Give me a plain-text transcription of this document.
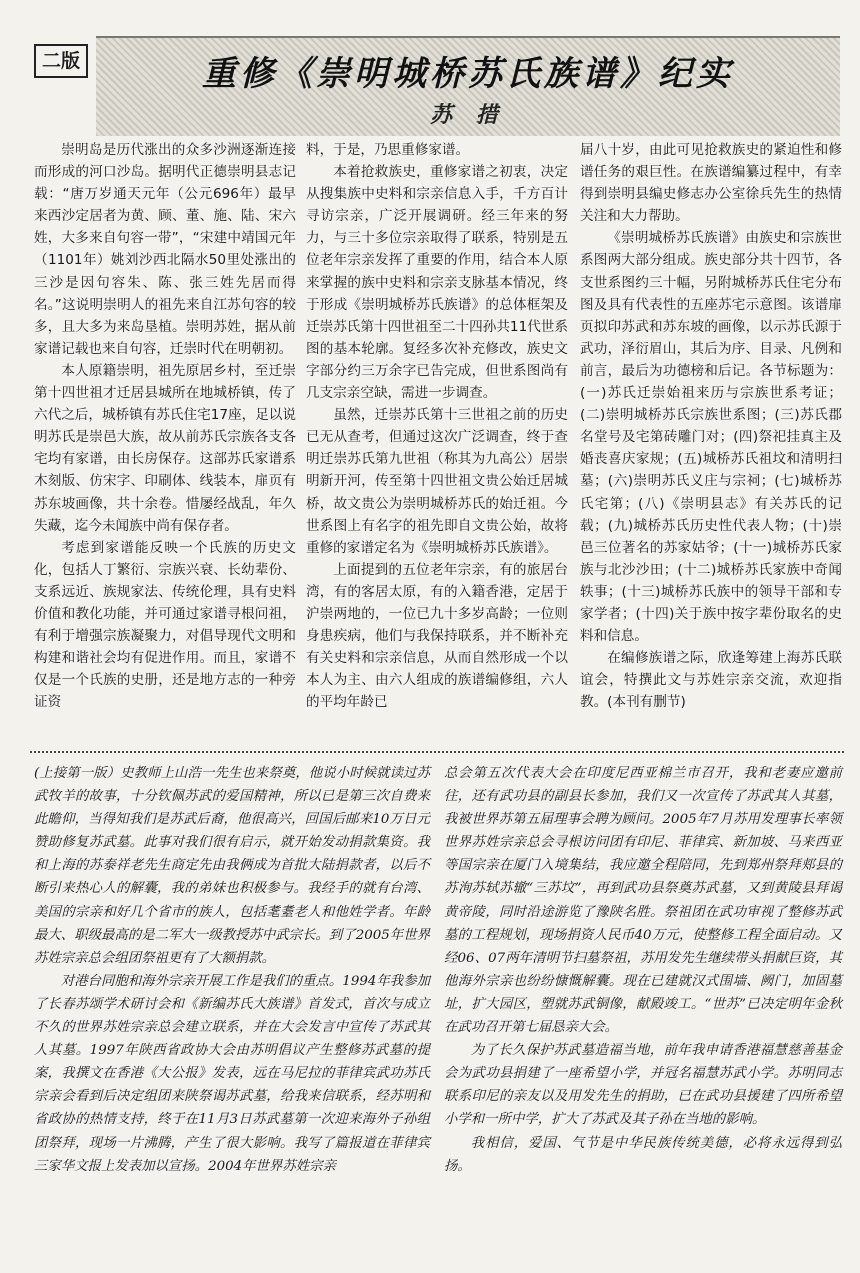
二版	重修《崇明城桥苏氏族谱》纪实
苏 措

崇明岛是历代涨出的众多沙洲逐渐连接而形成的河口沙岛。据明代正德崇明县志记载：“唐万岁通天元年（公元696年）最早来西沙定居者为黄、顾、董、施、陆、宋六姓，大多来自句容一带”，“宋建中靖国元年（1101年）姚刘沙西北隔水50里处涨出的三沙是因句容朱、陈、张三姓先居而得名。”这说明崇明人的祖先来自江苏句容的较多，且大多为来岛垦植。崇明苏姓，据从前家谱记载也来自句容，迁崇时代在明朝初。

本人原籍崇明，祖先原居乡村，至迁崇第十四世祖才迁居县城所在地城桥镇，传了六代之后，城桥镇有苏氏住宅17座，足以说明苏氏是崇邑大族，故从前苏氏宗族各支各宅均有家谱，由长房保存。这部苏氏家谱系木刻版、仿宋字、印刷体、线装本，扉页有苏东坡画像，共十余卷。惜屡经战乱，年久失藏，迄今未闻族中尚有保存者。

考虑到家谱能反映一个氏族的历史文化，包括人丁繁衍、宗族兴衰、长幼辈份、支系远近、族规家法、传统伦理，具有史料价值和教化功能，并可通过家谱寻根问祖，有利于增强宗族凝聚力，对倡导现代文明和构建和谐社会均有促进作用。而且，家谱不仅是一个氏族的史册，还是地方志的一种旁证资

料，于是，乃思重修家谱。

本着抢救族史，重修家谱之初衷，决定从搜集族中史料和宗亲信息入手，千方百计寻访宗亲，广泛开展调研。经三年来的努力，与三十多位宗亲取得了联系，特别是五位老年宗亲发挥了重要的作用，结合本人原来掌握的族中史料和宗亲支脉基本情况，终于形成《崇明城桥苏氏族谱》的总体框架及迁崇苏氏第十四世祖至二十四孙共11代世系图的基本轮廓。复经多次补充修改，族史文字部分约三万余字已告完成，但世系图尚有几支宗亲空缺，需进一步调查。

虽然，迁崇苏氏第十三世祖之前的历史已无从查考，但通过这次广泛调查，终于查明迁崇苏氏第九世祖（称其为九高公）居崇明新开河，传至第十四世祖文贵公始迁居城桥，故文贵公为崇明城桥苏氏的始迁祖。今世系图上有名字的祖先即自文贵公始，故将重修的家谱定名为《崇明城桥苏氏族谱》。

上面提到的五位老年宗亲，有的旅居台湾，有的客居太原，有的入籍香港，定居于沪崇两地的，一位已九十多岁高龄；一位则身患疾病，他们与我保持联系，并不断补充有关史料和宗亲信息，从而自然形成一个以本人为主、由六人组成的族谱编修组，六人的平均年龄已

届八十岁，由此可见抢救族史的紧迫性和修谱任务的艰巨性。在族谱编纂过程中，有幸得到崇明县编史修志办公室徐兵先生的热情关注和大力帮助。

《崇明城桥苏氏族谱》由族史和宗族世系图两大部分组成。族史部分共十四节，各支世系图约三十幅，另附城桥苏氏住宅分布图及具有代表性的五座苏宅示意图。该谱扉页拟印苏武和苏东坡的画像，以示苏氏源于武功，泽衍眉山，其后为序、目录、凡例和前言，最后为功德榜和后记。各节标题为：(一)苏氏迁崇始祖来历与宗族世系考证；(二)崇明城桥苏氏宗族世系图；(三)苏氏郡名堂号及宅第砖雕门对；(四)祭祀挂真主及婚丧喜庆家规；(五)城桥苏氏祖坟和清明扫墓；(六)崇明苏氏义庄与宗祠；(七)城桥苏氏宅第；(八)《崇明县志》有关苏氏的记载；(九)城桥苏氏历史性代表人物；(十)崇邑三位著名的苏家姑爷；(十一)城桥苏氏家族与北沙沙田；(十二)城桥苏氏家族中奇闻轶事；(十三)城桥苏氏族中的领导干部和专家学者；(十四)关于族中按字辈份取名的史料和信息。

在编修族谱之际，欣逢筹建上海苏氏联谊会，特撰此文与苏姓宗亲交流，欢迎指教。(本刊有删节)

(上接第一版）史教师上山浩一先生也来祭奠，他说小时候就读过苏武牧羊的故事，十分钦佩苏武的爱国精神，所以已是第三次自费来此瞻仰，当得知我们是苏武后裔，他很高兴，回国后邮来10万日元赞助修复苏武墓。此事对我们很有启示，就开始发动捐款集资。我和上海的苏泰祥老先生商定先由我俩成为首批大陆捐款者，以后不断引来热心人的解囊，我的弟妹也积极参与。我经手的就有台湾、美国的宗亲和好几个省市的族人，包括耄耋老人和他姓学者。年龄最大、职级最高的是二军大一级教授苏中武宗长。到了2005年世界苏姓宗亲总会组团祭祖更有了大额捐款。

对港台同胞和海外宗亲开展工作是我们的重点。1994年我参加了长春苏颂学术研讨会和《新编苏氏大族谱》首发式，首次与成立不久的世界苏姓宗亲总会建立联系，并在大会发言中宣传了苏武其人其墓。1997年陕西省政协大会由苏明倡议产生整修苏武墓的提案，我撰文在香港《大公报》发表，远在马尼拉的菲律宾武功苏氏宗亲会看到后决定组团来陕祭谒苏武墓，给我来信联系，经苏明和省政协的热情支持，终于在11月3日苏武墓第一次迎来海外子孙组团祭拜，现场一片沸腾，产生了很大影响。我写了篇报道在菲律宾三家华文报上发表加以宣扬。2004年世界苏姓宗亲

总会第五次代表大会在印度尼西亚棉兰市召开，我和老妻应邀前往，还有武功县的副县长参加，我们又一次宣传了苏武其人其墓，我被世界苏第五届理事会聘为顾问。2005年7月苏用发理事长率领世界苏姓宗亲总会寻根访问团有印尼、菲律宾、新加坡、马来西亚等国宗亲在厦门入境集结，我应邀全程陪同，先到郑州祭拜郏县的苏洵苏轼苏辙“三苏坟”，再到武功县祭奠苏武墓，又到黄陵县拜谒黄帝陵，同时沿途游览了豫陕名胜。祭祖团在武功审视了整修苏武墓的工程规划，现场捐资人民币40万元，使整修工程全面启动。又经06、07两年清明节扫墓祭祖，苏用发先生继续带头捐献巨资，其他海外宗亲也纷纷慷慨解囊。现在已建就汉式围墙、阙门，加固墓址，扩大园区，塑就苏武铜像，献殿竣工。“世苏”已决定明年金秋在武功召开第七届恳亲大会。

为了长久保护苏武墓造福当地，前年我申请香港福慧慈善基金会为武功县捐建了一座希望小学，并冠名福慧苏武小学。苏明同志联系印尼的亲友以及用发先生的捐助，已在武功县援建了四所希望小学和一所中学，扩大了苏武及其子孙在当地的影响。

我相信，爱国、气节是中华民族传统美德，必将永远得到弘扬。
